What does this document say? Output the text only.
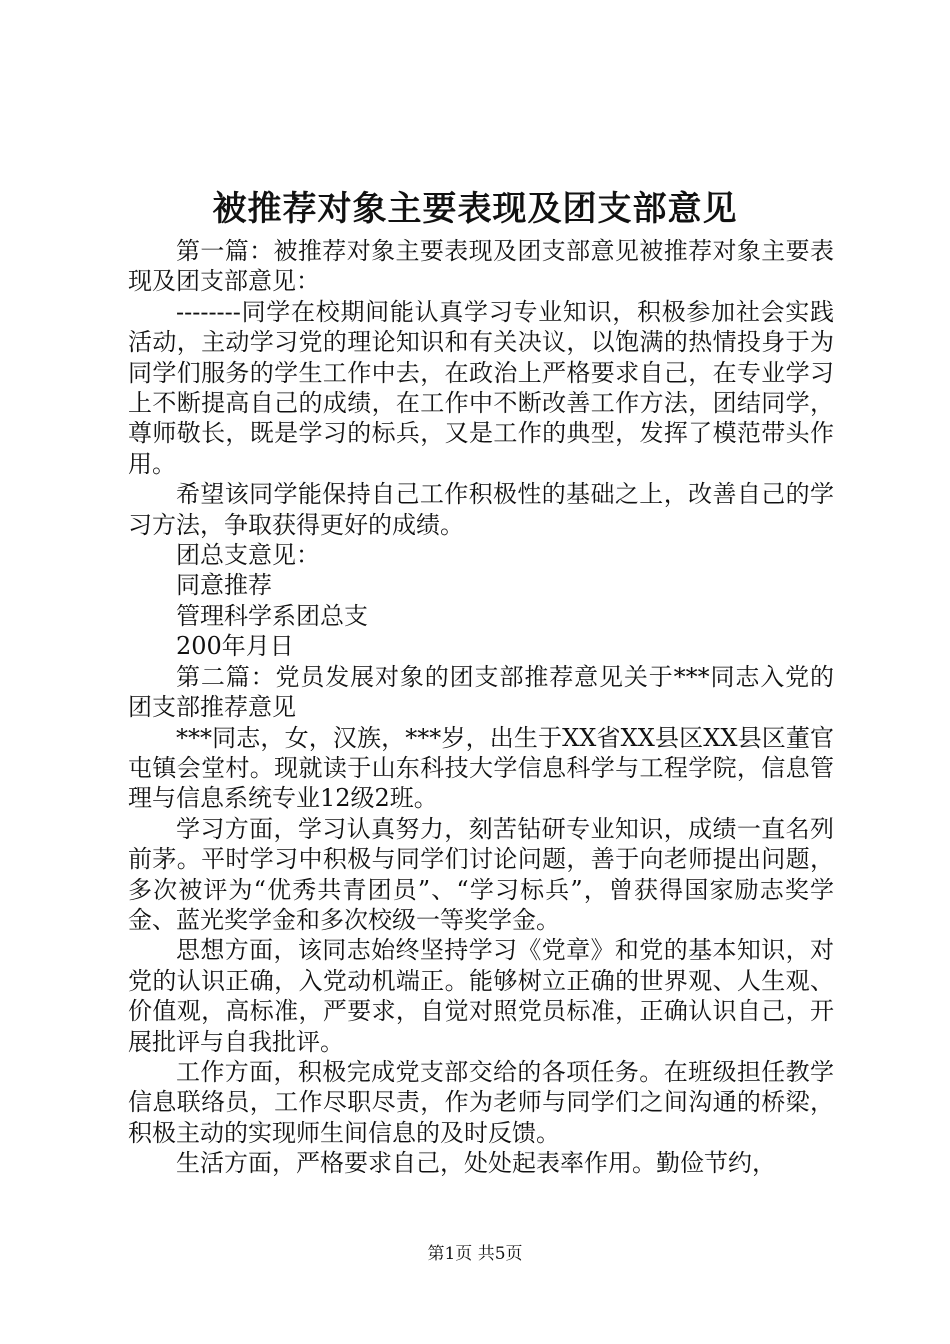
被推荐对象主要表现及团支部意见

第一篇：被推荐对象主要表现及团支部意见被推荐对象主要表现及团支部意见：

--------同学在校期间能认真学习专业知识，积极参加社会实践活动，主动学习党的理论知识和有关决议，以饱满的热情投身于为同学们服务的学生工作中去，在政治上严格要求自己，在专业学习上不断提高自己的成绩，在工作中不断改善工作方法，团结同学，尊师敬长，既是学习的标兵，又是工作的典型，发挥了模范带头作用。

希望该同学能保持自己工作积极性的基础之上，改善自己的学习方法，争取获得更好的成绩。

团总支意见：

同意推荐

管理科学系团总支

200年月日

第二篇：党员发展对象的团支部推荐意见关于***同志入党的团支部推荐意见

***同志，女，汉族，***岁，出生于XX省XX县区XX县区董官屯镇会堂村。现就读于山东科技大学信息科学与工程学院，信息管理与信息系统专业12级2班。

学习方面，学习认真努力，刻苦钻研专业知识，成绩一直名列前茅。平时学习中积极与同学们讨论问题，善于向老师提出问题，多次被评为“优秀共青团员”、“学习标兵”，曾获得国家励志奖学金、蓝光奖学金和多次校级一等奖学金。

思想方面，该同志始终坚持学习《党章》和党的基本知识，对党的认识正确，入党动机端正。能够树立正确的世界观、人生观、价值观，高标准，严要求，自觉对照党员标准，正确认识自己，开展批评与自我批评。

工作方面，积极完成党支部交给的各项任务。在班级担任教学信息联络员，工作尽职尽责，作为老师与同学们之间沟通的桥梁，积极主动的实现师生间信息的及时反馈。

生活方面，严格要求自己，处处起表率作用。勤俭节约，

第1页 共5页
